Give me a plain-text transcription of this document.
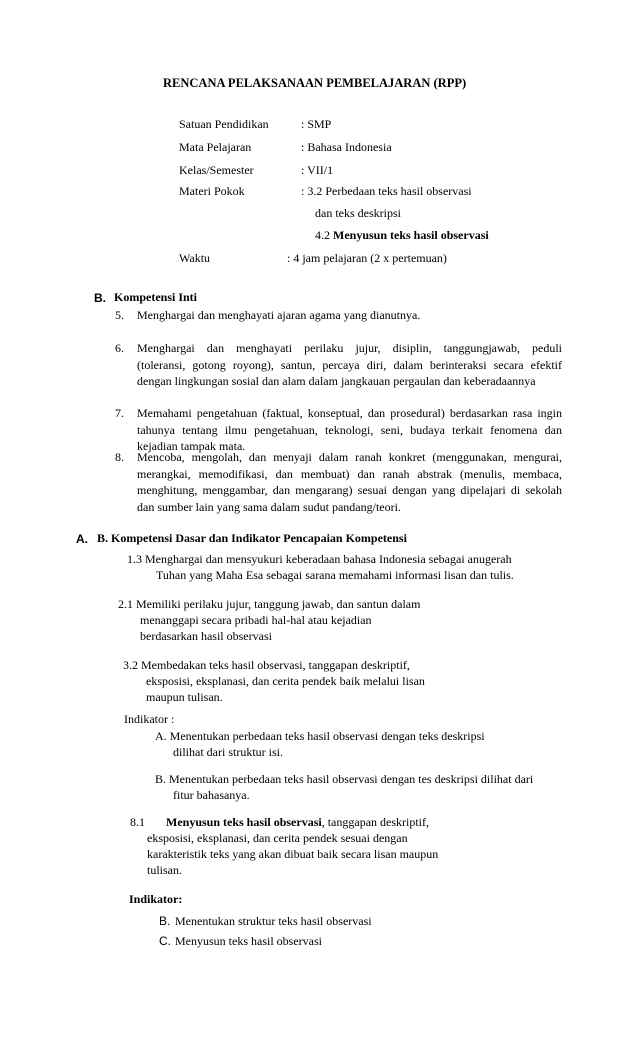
RENCANA PELAKSANAAN PEMBELAJARAN (RPP)
Satuan Pendidikan	: SMP
Mata Pelajaran	: Bahasa Indonesia
Kelas/Semester	: VII/1
Materi Pokok	: 3.2 Perbedaan teks hasil observasi
dan teks deskripsi
4.2 Menyusun teks hasil observasi
Waktu	: 4 jam pelajaran (2 x pertemuan)
B. Kompetensi Inti
5. Menghargai dan menghayati ajaran agama yang dianutnya.
6. Menghargai dan menghayati perilaku jujur, disiplin, tanggungjawab, peduli
(toleransi, gotong royong), santun, percaya diri, dalam berinteraksi secara efektif
dengan lingkungan sosial dan alam dalam jangkauan pergaulan dan keberadaannya
7. Memahami pengetahuan (faktual, konseptual, dan prosedural) berdasarkan rasa ingin
tahunya tentang ilmu pengetahuan, teknologi, seni, budaya terkait fenomena dan
kejadian tampak mata.
8. Mencoba, mengolah, dan menyaji dalam ranah konkret (menggunakan, mengurai,
merangkai, memodifikasi, dan membuat) dan ranah abstrak (menulis, membaca,
menghitung, menggambar, dan mengarang) sesuai dengan yang dipelajari di sekolah
dan sumber lain yang sama dalam sudut pandang/teori.
A. B. Kompetensi Dasar dan Indikator Pencapaian Kompetensi
1.3 Menghargai dan mensyukuri keberadaan bahasa Indonesia sebagai anugerah
Tuhan yang Maha Esa sebagai sarana memahami informasi lisan dan tulis.
2.1 Memiliki perilaku jujur, tanggung jawab, dan santun dalam
menanggapi secara pribadi hal-hal atau kejadian
berdasarkan hasil observasi
3.2 Membedakan teks hasil observasi, tanggapan deskriptif,
eksposisi, eksplanasi, dan cerita pendek baik melalui lisan
maupun tulisan.
Indikator :
A. Menentukan perbedaan teks hasil observasi dengan teks deskripsi
dilihat dari struktur isi.
B. Menentukan perbedaan teks hasil observasi dengan tes deskripsi dilihat dari
fitur bahasanya.
8.1 Menyusun teks hasil observasi, tanggapan deskriptif,
eksposisi, eksplanasi, dan cerita pendek sesuai dengan
karakteristik teks yang akan dibuat baik secara lisan maupun
tulisan.
Indikator:
B. Menentukan struktur teks hasil observasi
C. Menyusun teks hasil observasi
